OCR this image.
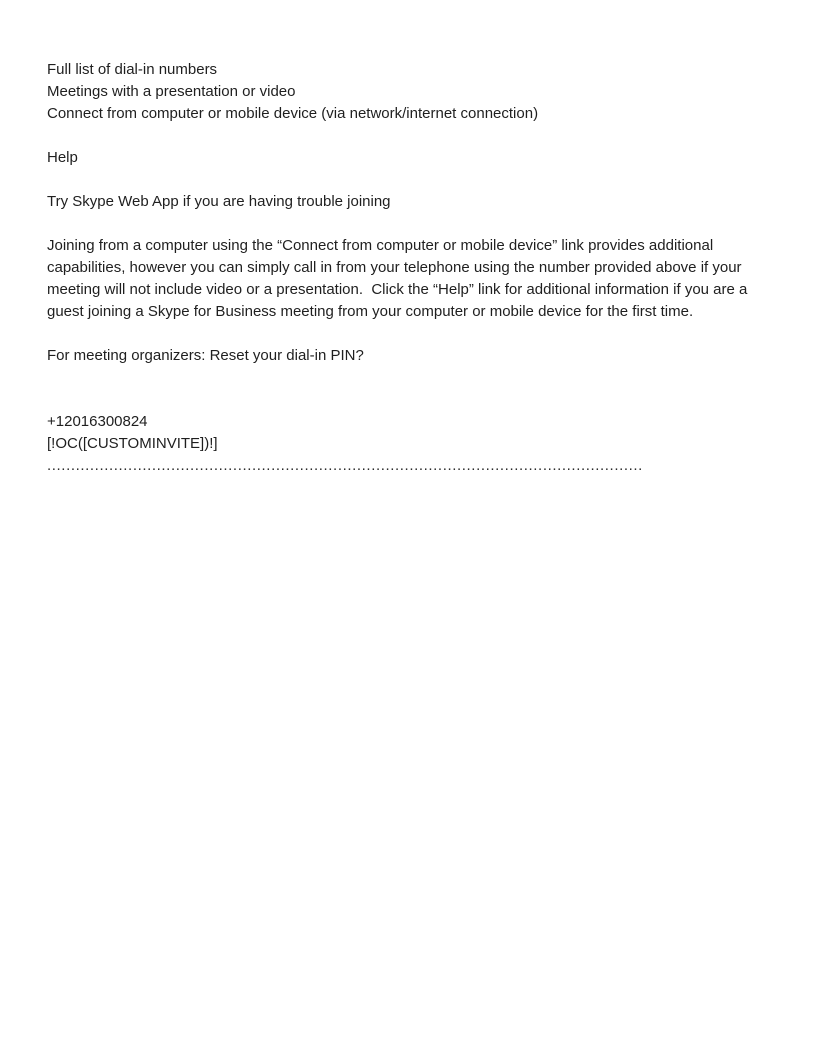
Full list of dial-in numbers
Meetings with a presentation or video
Connect from computer or mobile device (via network/internet connection)
Help
Try Skype Web App if you are having trouble joining
Joining from a computer using the “Connect from computer or mobile device” link provides additional capabilities, however you can simply call in from your telephone using the number provided above if your meeting will not include video or a presentation.  Click the “Help” link for additional information if you are a guest joining a Skype for Business meeting from your computer or mobile device for the first time.
For meeting organizers: Reset your dial-in PIN?
+12016300824
[!OC([CUSTOMINVITE])!]
.............................................................................................................................
